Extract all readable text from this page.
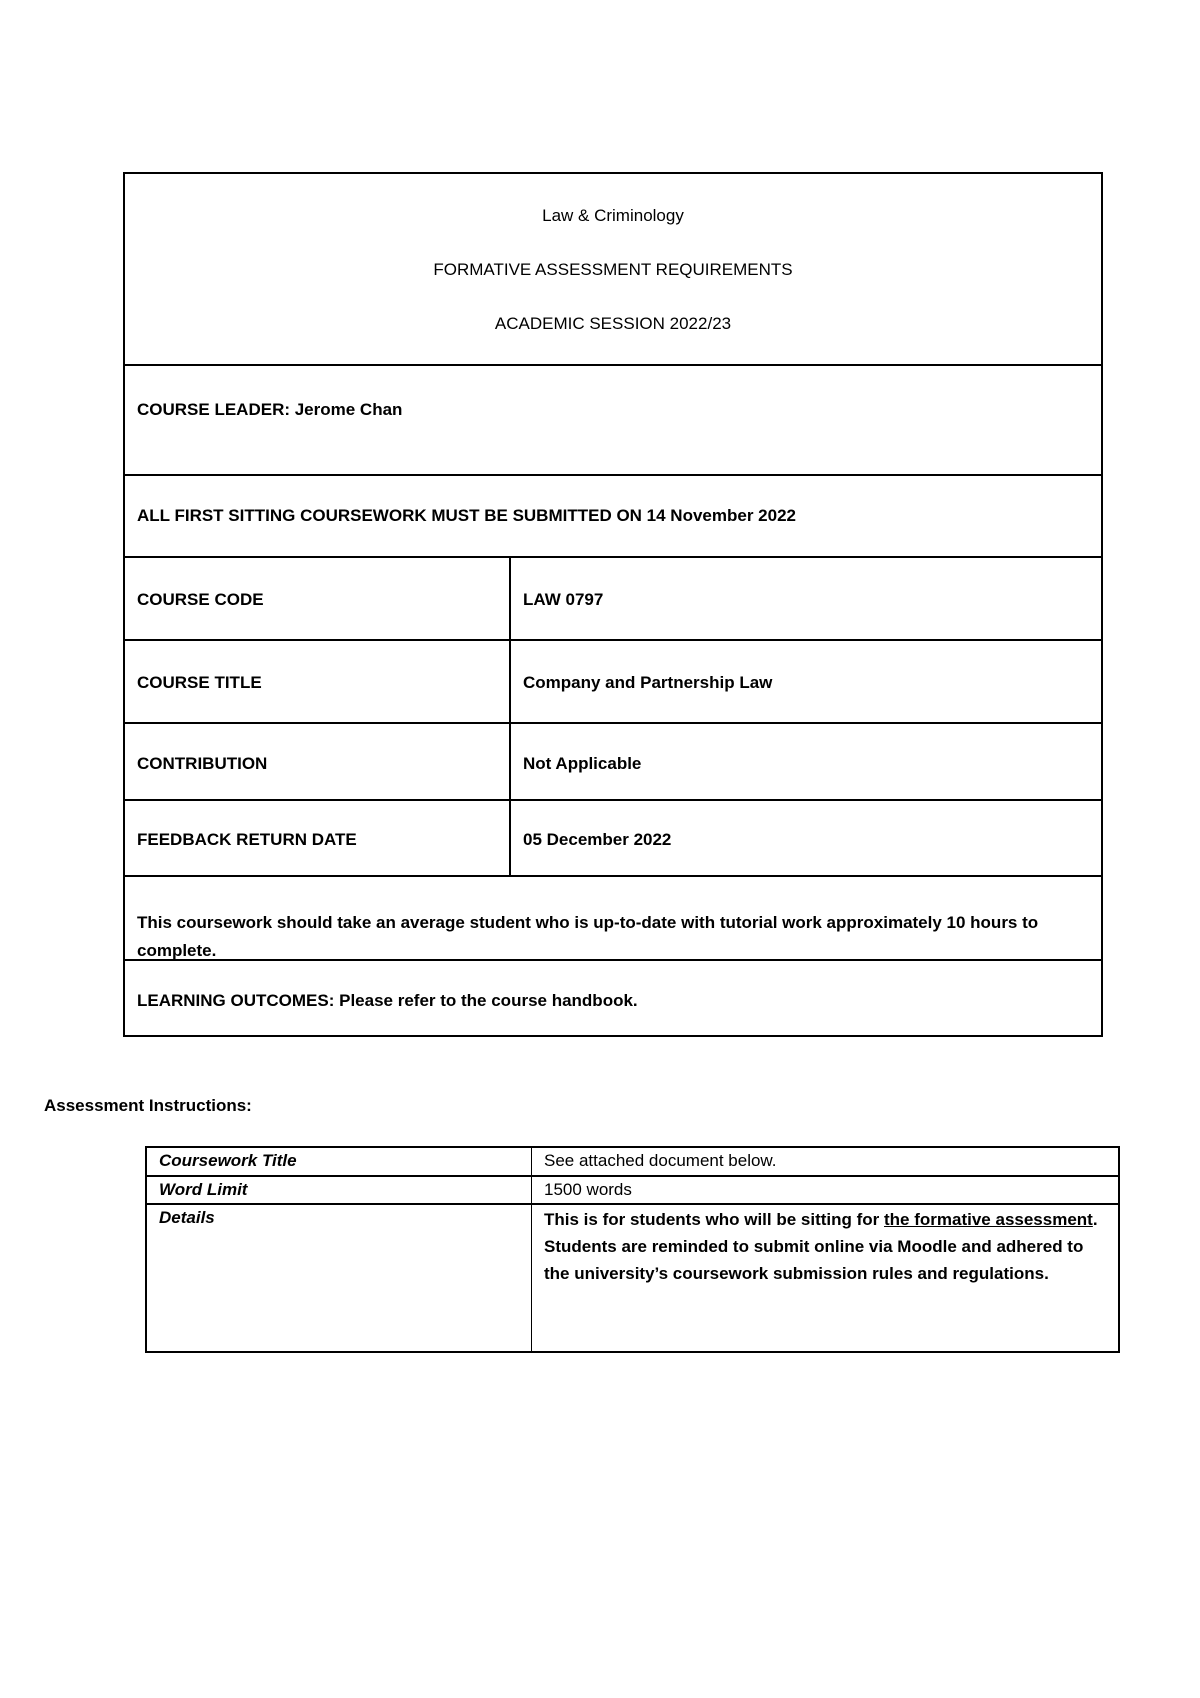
Law & Criminology
FORMATIVE ASSESSMENT REQUIREMENTS
ACADEMIC SESSION 2022/23
COURSE LEADER: Jerome Chan
ALL FIRST SITTING COURSEWORK MUST BE SUBMITTED ON 14 November 2022
COURSE CODE	LAW 0797
COURSE TITLE	Company and Partnership Law
CONTRIBUTION	Not Applicable
FEEDBACK RETURN DATE	05 December 2022
This coursework should take an average student who is up-to-date with tutorial work approximately 10 hours to complete.
LEARNING OUTCOMES: Please refer to the course handbook.
Assessment Instructions:
Coursework Title	See attached document below.
Word Limit	1500 words
Details	This is for students who will be sitting for the formative assessment. Students are reminded to submit online via Moodle and adhered to the university’s coursework submission rules and regulations.
